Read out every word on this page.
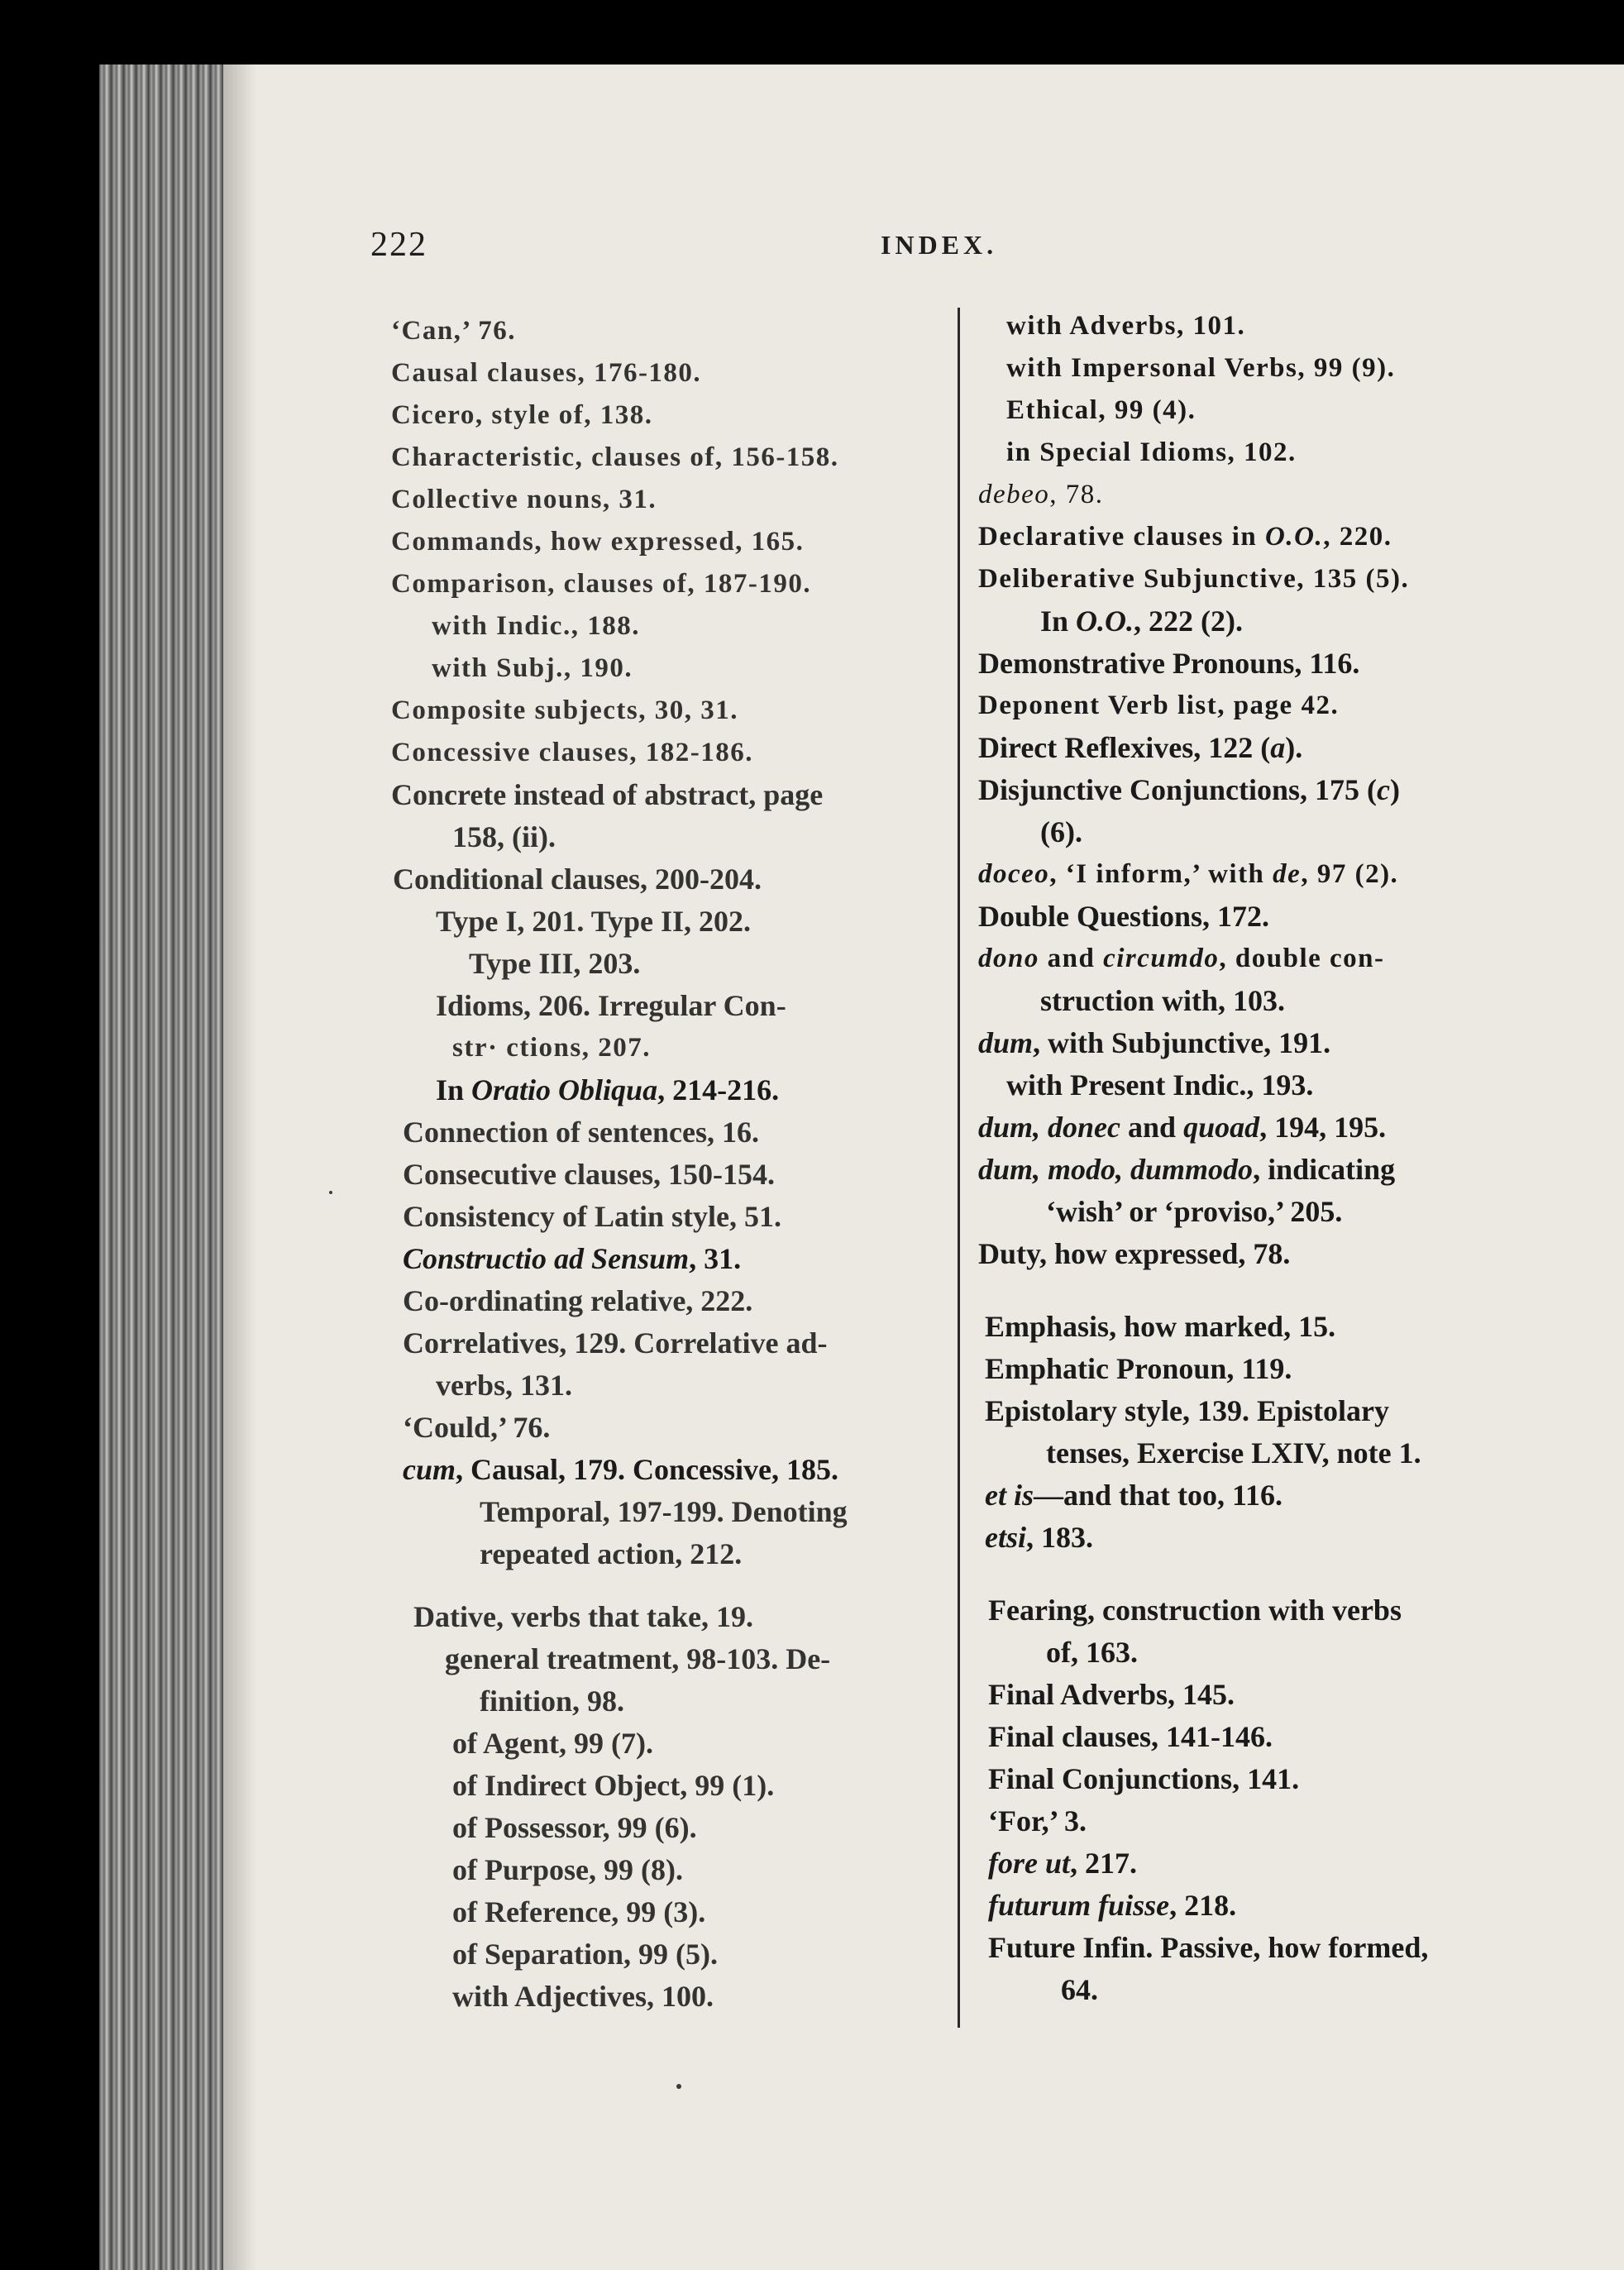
222	INDEX.
‘Can,’ 76.
Causal clauses, 176-180.
Cicero, style of, 138.
Characteristic, clauses of, 156-158.
Collective nouns, 31.
Commands, how expressed, 165.
Comparison, clauses of, 187-190.
with Indic., 188.
with Subj., 190.
Composite subjects, 30, 31.
Concessive clauses, 182-186.
Concrete instead of abstract, page
158, (ii).
Conditional clauses, 200-204.
Type I, 201. Type II, 202.
Type III, 203.
Idioms, 206. Irregular Con-
str· ctions, 207.
In Oratio Obliqua, 214-216.
Connection of sentences, 16.
Consecutive clauses, 150-154.
Consistency of Latin style, 51.
Constructio ad Sensum, 31.
Co-ordinating relative, 222.
Correlatives, 129. Correlative ad-
verbs, 131.
‘Could,’ 76.
cum, Causal, 179. Concessive, 185.
Temporal, 197-199. Denoting
repeated action, 212.
Dative, verbs that take, 19.
general treatment, 98-103. De-
finition, 98.
of Agent, 99 (7).
of Indirect Object, 99 (1).
of Possessor, 99 (6).
of Purpose, 99 (8).
of Reference, 99 (3).
of Separation, 99 (5).
with Adjectives, 100.
with Adverbs, 101.
with Impersonal Verbs, 99 (9).
Ethical, 99 (4).
in Special Idioms, 102.
debeo, 78.
Declarative clauses in O.O., 220.
Deliberative Subjunctive, 135 (5).
In O.O., 222 (2).
Demonstrative Pronouns, 116.
Deponent Verb list, page 42.
Direct Reflexives, 122 (a).
Disjunctive Conjunctions, 175 (c)
(6).
doceo, ‘I inform,’ with de, 97 (2).
Double Questions, 172.
dono and circumdo, double con-
struction with, 103.
dum, with Subjunctive, 191.
with Present Indic., 193.
dum, donec and quoad, 194, 195.
dum, modo, dummodo, indicating
‘wish’ or ‘proviso,’ 205.
Duty, how expressed, 78.
Emphasis, how marked, 15.
Emphatic Pronoun, 119.
Epistolary style, 139. Epistolary
tenses, Exercise LXIV, note 1.
et is—and that too, 116.
etsi, 183.
Fearing, construction with verbs
of, 163.
Final Adverbs, 145.
Final clauses, 141-146.
Final Conjunctions, 141.
‘For,’ 3.
fore ut, 217.
futurum fuisse, 218.
Future Infin. Passive, how formed,
64.
